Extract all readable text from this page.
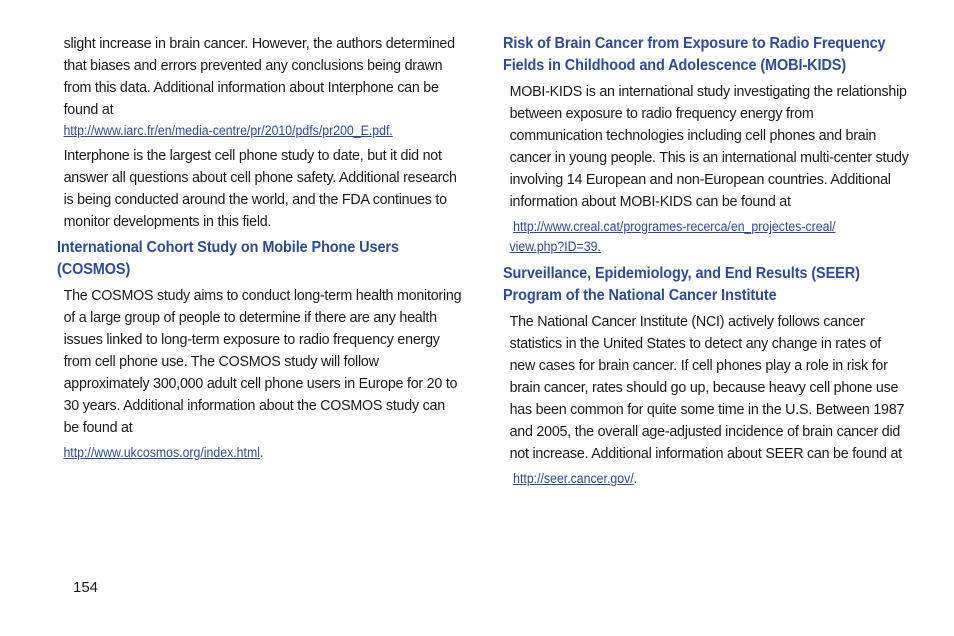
slight increase in brain cancer. However, the authors determined that biases and errors prevented any conclusions being drawn from this data. Additional information about Interphone can be found at

http://www.iarc.fr/en/media-centre/pr/2010/pdfs/pr200_E.pdf.

Interphone is the largest cell phone study to date, but it did not answer all questions about cell phone safety. Additional research is being conducted around the world, and the FDA continues to monitor developments in this field.

International Cohort Study on Mobile Phone Users (COSMOS)

The COSMOS study aims to conduct long-term health monitoring of a large group of people to determine if there are any health issues linked to long-term exposure to radio frequency energy from cell phone use. The COSMOS study will follow approximately 300,000 adult cell phone users in Europe for 20 to 30 years. Additional information about the COSMOS study can be found at

http://www.ukcosmos.org/index.html.
Risk of Brain Cancer from Exposure to Radio Frequency Fields in Childhood and Adolescence (MOBI-KIDS)

MOBI-KIDS is an international study investigating the relationship between exposure to radio frequency energy from communication technologies including cell phones and brain cancer in young people. This is an international multi-center study involving 14 European and non-European countries. Additional information about MOBI-KIDS can be found at

http://www.creal.cat/programes-recerca/en_projectes-creal/
view.php?ID=39.
Surveillance, Epidemiology, and End Results (SEER) Program of the National Cancer Institute

The National Cancer Institute (NCI) actively follows cancer statistics in the United States to detect any change in rates of new cases for brain cancer. If cell phones play a role in risk for brain cancer, rates should go up, because heavy cell phone use has been common for quite some time in the U.S. Between 1987 and 2005, the overall age-adjusted incidence of brain cancer did not increase. Additional information about SEER can be found at

http://seer.cancer.gov/.
154
